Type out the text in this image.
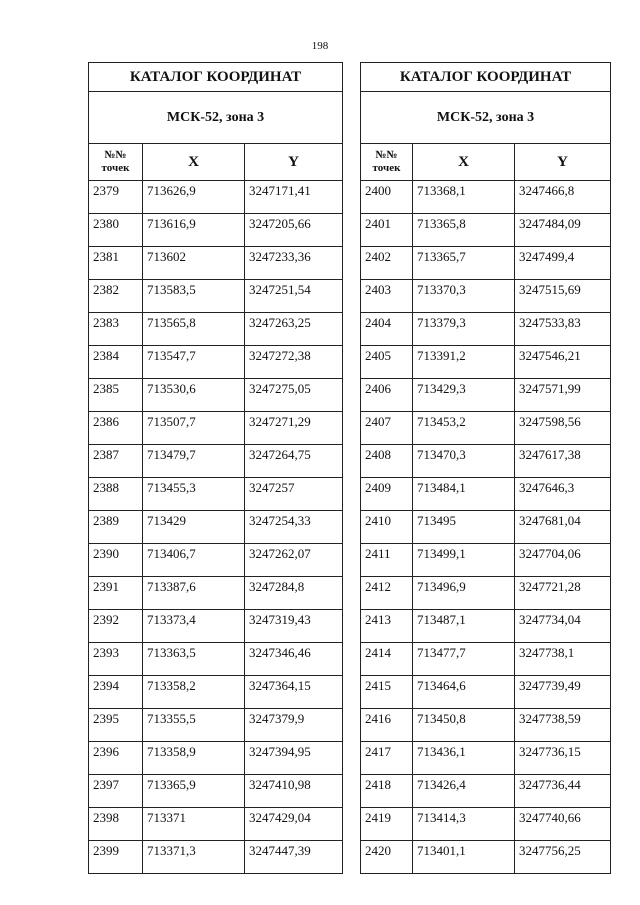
198
КАТАЛОГ КООРДИНАТ		
МСК-52, зона 3		
№№
точек	X	Y
2379	713626,9	3247171,41
2380	713616,9	3247205,66
2381	713602	3247233,36
2382	713583,5	3247251,54
2383	713565,8	3247263,25
2384	713547,7	3247272,38
2385	713530,6	3247275,05
2386	713507,7	3247271,29
2387	713479,7	3247264,75
2388	713455,3	3247257
2389	713429	3247254,33
2390	713406,7	3247262,07
2391	713387,6	3247284,8
2392	713373,4	3247319,43
2393	713363,5	3247346,46
2394	713358,2	3247364,15
2395	713355,5	3247379,9
2396	713358,9	3247394,95
2397	713365,9	3247410,98
2398	713371	3247429,04
2399	713371,3	3247447,39
КАТАЛОГ КООРДИНАТ		
МСК-52, зона 3		
№№
точек	X	Y
2400	713368,1	3247466,8
2401	713365,8	3247484,09
2402	713365,7	3247499,4
2403	713370,3	3247515,69
2404	713379,3	3247533,83
2405	713391,2	3247546,21
2406	713429,3	3247571,99
2407	713453,2	3247598,56
2408	713470,3	3247617,38
2409	713484,1	3247646,3
2410	713495	3247681,04
2411	713499,1	3247704,06
2412	713496,9	3247721,28
2413	713487,1	3247734,04
2414	713477,7	3247738,1
2415	713464,6	3247739,49
2416	713450,8	3247738,59
2417	713436,1	3247736,15
2418	713426,4	3247736,44
2419	713414,3	3247740,66
2420	713401,1	3247756,25
